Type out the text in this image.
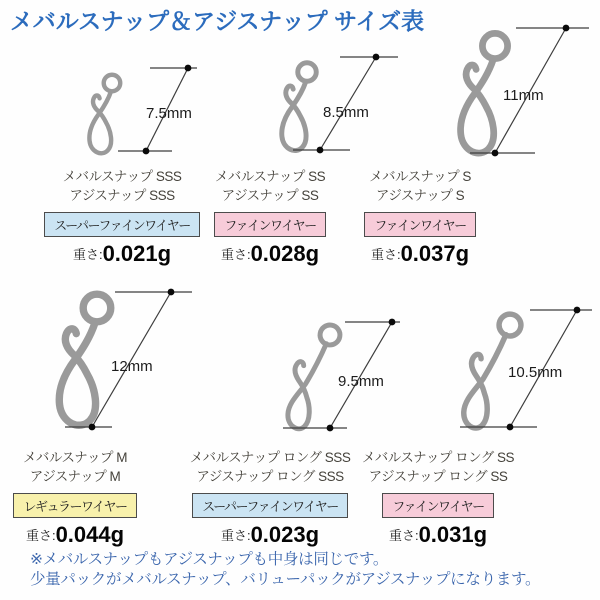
メバルスナップ＆アジスナップ サイズ表
7.5mm	8.5mm
11mm
12mm
9.5mm
10.5mm
メバルスナップ SSS
アジスナップ SSS
スーパーファインワイヤー
重さ:0.021g
メバルスナップ SS
アジスナップ SS
ファインワイヤー
重さ:0.028g
メバルスナップ S
アジスナップ S
ファインワイヤー
重さ:0.037g
メバルスナップ M
アジスナップ M
レギュラーワイヤー
重さ:0.044g
メバルスナップ ロング SSS
アジスナップ ロング SSS
スーパーファインワイヤー
重さ:0.023g
メバルスナップ ロング SS
アジスナップ ロング SS
ファインワイヤー
重さ:0.031g
※メバルスナップもアジスナップも中身は同じです。
少量パックがメバルスナップ、バリューパックがアジスナップになります。
